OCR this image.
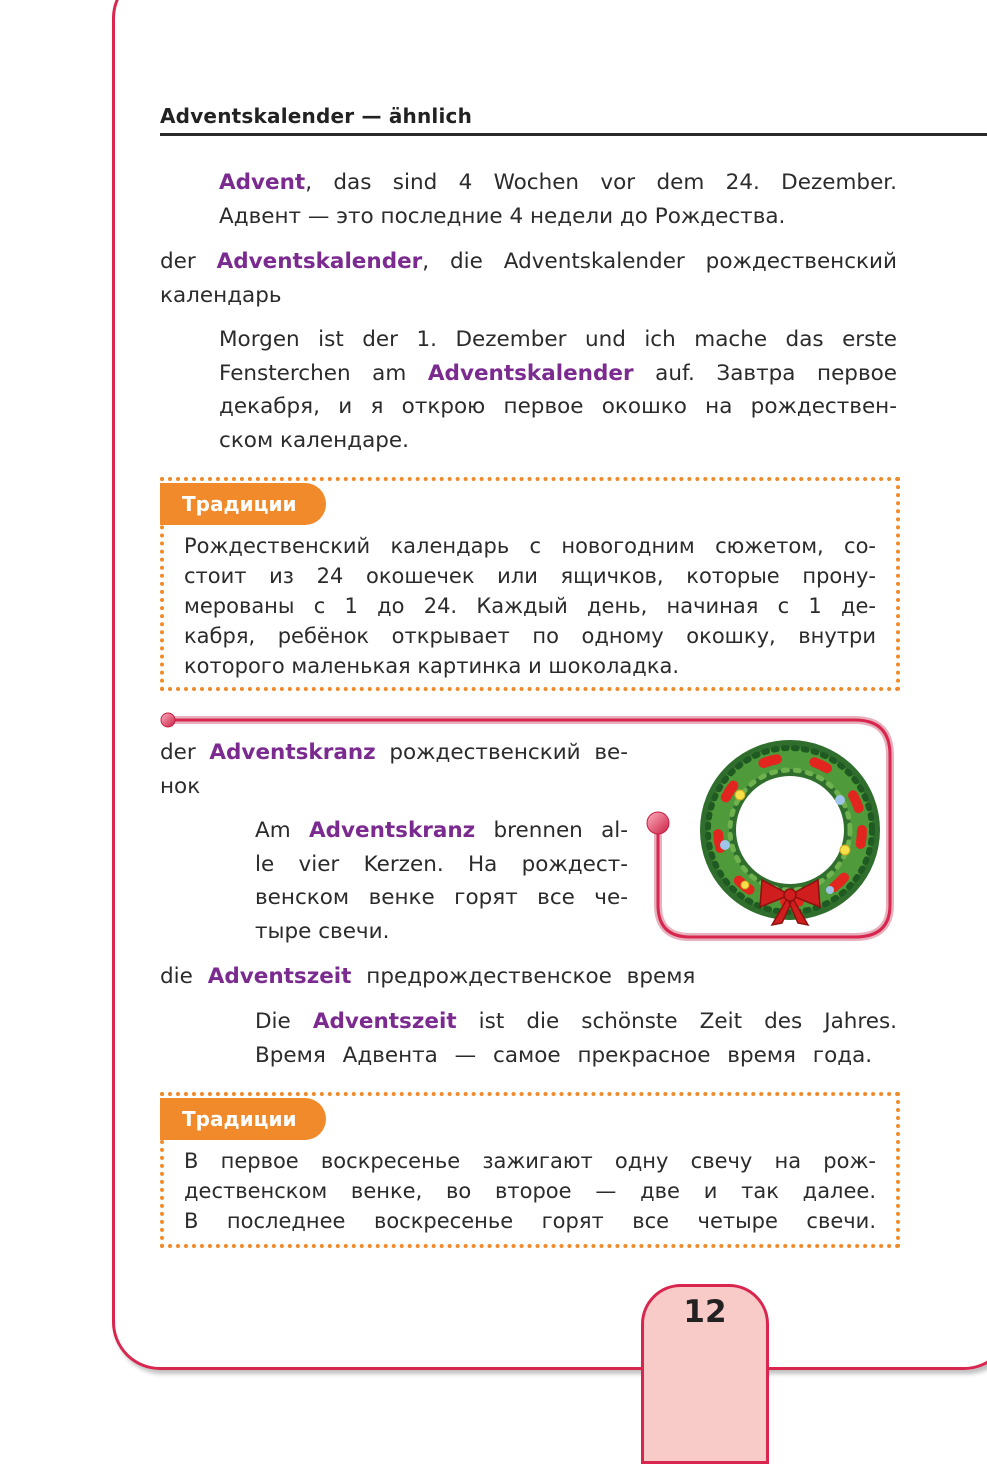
Adventskalender — ähnlich
Advent, das sind 4 Wochen vor dem 24. Dezember.
Адвент — это последние 4 недели до Рождества.
der Adventskalender, die Adventskalender рождественский
календарь
Morgen ist der 1. Dezember und ich mache das erste
Fensterchen am Adventskalender auf. Завтра первое
декабря, и я открою первое окошко на рождествен-
ском календаре.
Традиции
Рождественский календарь с новогодним сюжетом, со-
стоит из 24 окошечек или ящичков, которые прону-
мерованы с 1 до 24. Каждый день, начиная с 1 де-
кабря, ребёнок открывает по одному окошку, внутри
которого маленькая картинка и шоколадка.
der Adventskranz рождественский ве-
нок
Am Adventskranz brennen al-
le vier Kerzen. На рождест-
венском венке горят все че-
тыре свечи.
die Adventszeit предрождественское время
Die Adventszeit ist die schönste Zeit des Jahres.
Время Адвента — самое прекрасное время года.
Традиции
В первое воскресенье зажигают одну свечу на рож-
дественском венке, во второе — две и так далее.
В последнее воскресенье горят все четыре свечи.
12
